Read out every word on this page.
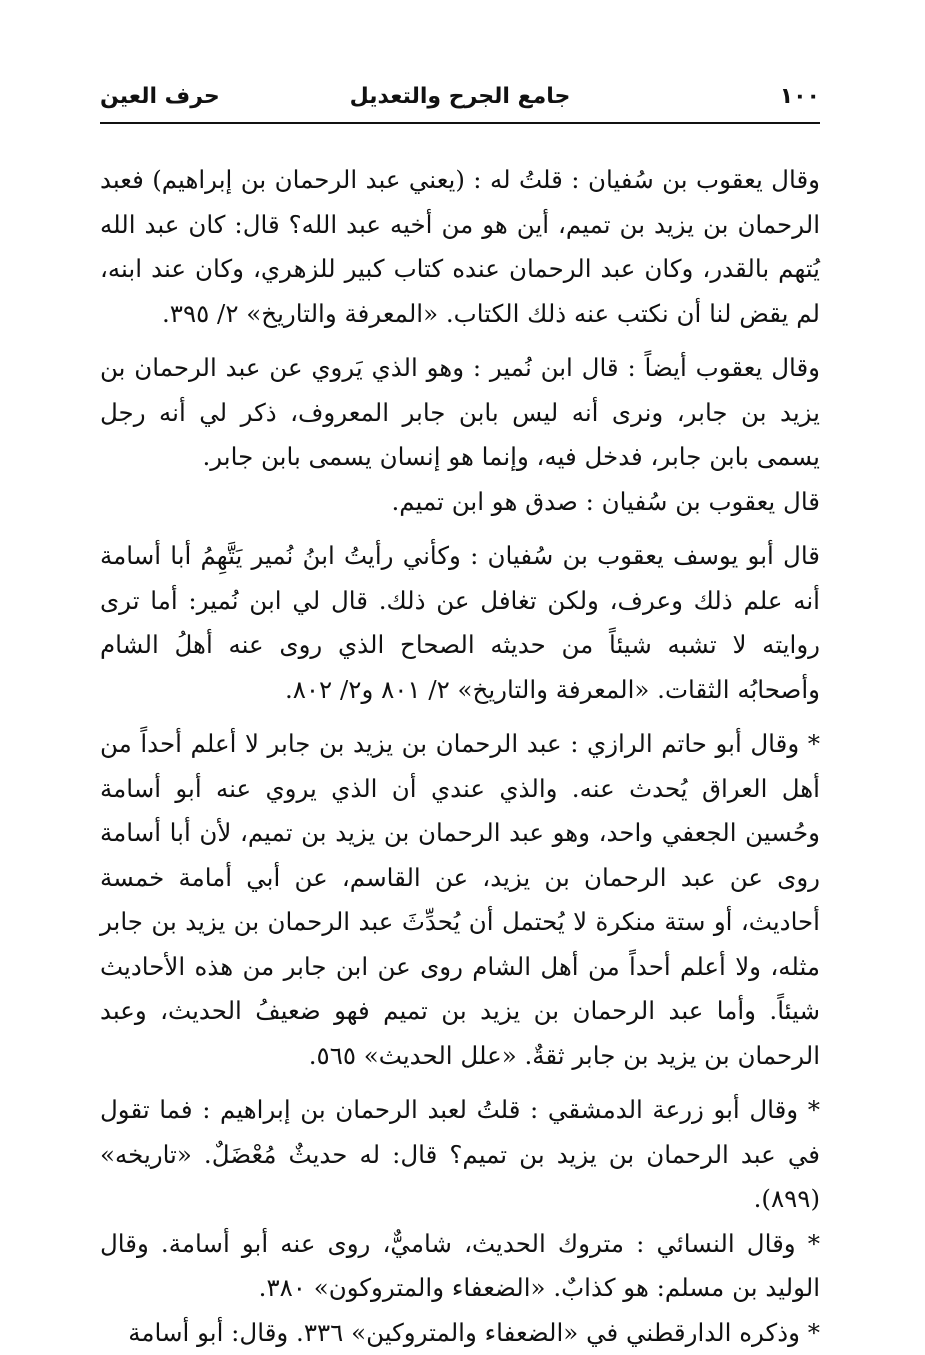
١٠٠
جامع الجرح والتعديل
حرف العين

وقال يعقوب بن سُفيان : قلتُ له : (يعني عبد الرحمان بن إبراهيم) فعبد الرحمان بن يزيد بن تميم، أين هو من أخيه عبد الله؟ قال: كان عبد الله يُتهم بالقدر، وكان عبد الرحمان عنده كتاب كبير للزهري، وكان عند ابنه، لم يقض لنا أن نكتب عنه ذلك الكتاب. «المعرفة والتاريخ» ٢/ ٣٩٥.

وقال يعقوب أيضاً : قال ابن نُمير : وهو الذي يَروي عن عبد الرحمان بن يزيد بن جابر، ونرى أنه ليس بابن جابر المعروف، ذكر لي أنه رجل يسمى بابن جابر، فدخل فيه، وإنما هو إنسان يسمى بابن جابر.

قال يعقوب بن سُفيان : صدق هو ابن تميم.

قال أبو يوسف يعقوب بن سُفيان : وكأني رأيتُ ابنُ نُمير يَتَّهِمُ أبا أسامة أنه علم ذلك وعرف، ولكن تغافل عن ذلك. قال لي ابن نُمير: أما ترى روايته لا تشبه شيئاً من حديثه الصحاح الذي روى عنه أهلُ الشام وأصحابُه الثقات. «المعرفة والتاريخ» ٢/ ٨٠١ و٢/ ٨٠٢.

* وقال أبو حاتم الرازي : عبد الرحمان بن يزيد بن جابر لا أعلم أحداً من أهل العراق يُحدث عنه. والذي عندي أن الذي يروي عنه أبو أسامة وحُسين الجعفي واحد، وهو عبد الرحمان بن يزيد بن تميم، لأن أبا أسامة روى عن عبد الرحمان بن يزيد، عن القاسم، عن أبي أمامة خمسة أحاديث، أو ستة منكرة لا يُحتمل أن يُحدِّثَ عبد الرحمان بن يزيد بن جابر مثله، ولا أعلم أحداً من أهل الشام روى عن ابن جابر من هذه الأحاديث شيئاً. وأما عبد الرحمان بن يزيد بن تميم فهو ضعيفُ الحديث، وعبد الرحمان بن يزيد بن جابر ثقةٌ. «علل الحديث» ٥٦٥.

* وقال أبو زرعة الدمشقي : قلتُ لعبد الرحمان بن إبراهيم : فما تقول في عبد الرحمان بن يزيد بن تميم؟ قال: له حديثٌ مُعْضَلٌ. «تاريخه» (٨٩٩).

* وقال النسائي : متروك الحديث، شاميٌّ، روى عنه أبو أسامة. وقال الوليد بن مسلم: هو كذابٌ. «الضعفاء والمتروكون» ٣٨٠.

* وذكره الدارقطني في «الضعفاء والمتروكين» ٣٣٦. وقال: أبو أسامة
